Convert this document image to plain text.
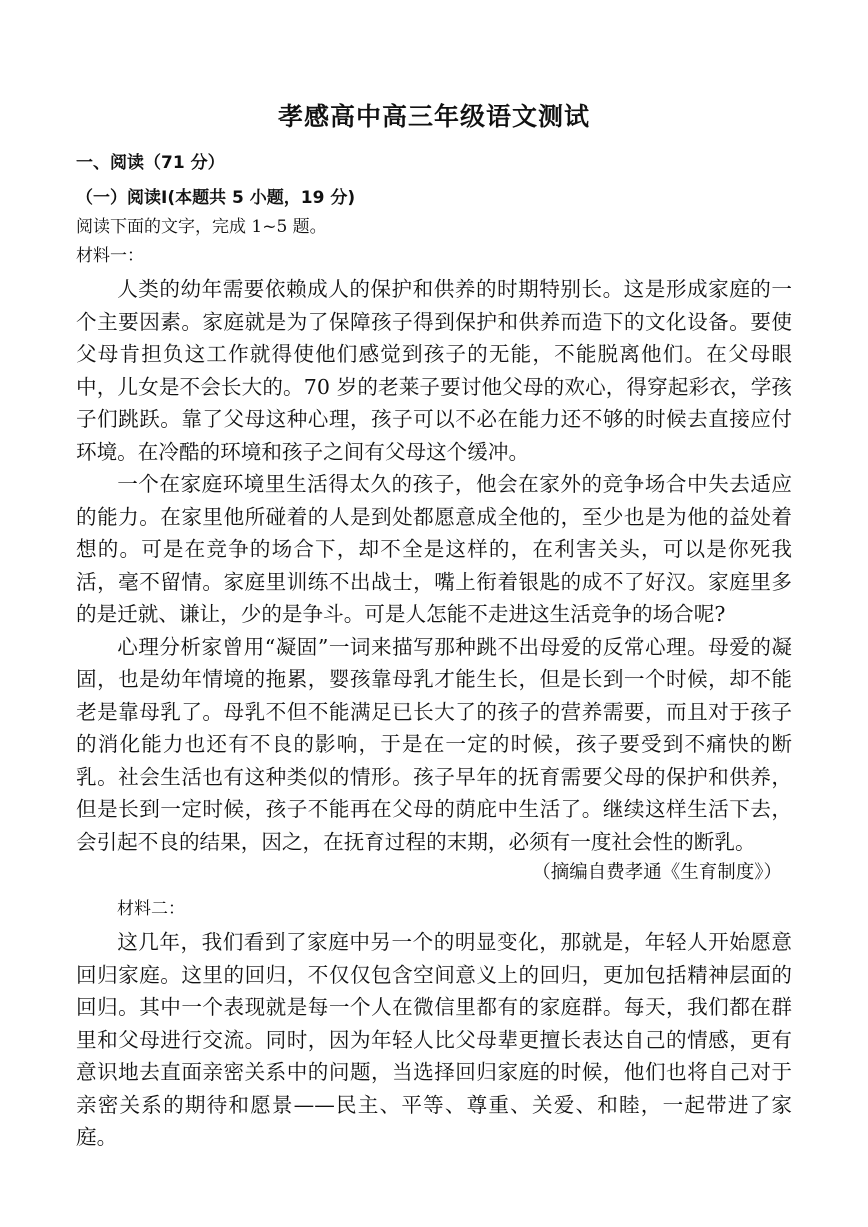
孝感高中高三年级语文测试
一、阅读（71 分）
（一）阅读Ⅰ(本题共 5 小题，19 分)
阅读下面的文字，完成 1~5 题。
材料一：

人类的幼年需要依赖成人的保护和供养的时期特别长。这是形成家庭的一个主要因素。家庭就是为了保障孩子得到保护和供养而造下的文化设备。要使父母肯担负这工作就得使他们感觉到孩子的无能，不能脱离他们。在父母眼中，儿女是不会长大的。70 岁的老莱子要讨他父母的欢心，得穿起彩衣，学孩子们跳跃。靠了父母这种心理，孩子可以不必在能力还不够的时候去直接应付环境。在冷酷的环境和孩子之间有父母这个缓冲。

一个在家庭环境里生活得太久的孩子，他会在家外的竞争场合中失去适应的能力。在家里他所碰着的人是到处都愿意成全他的，至少也是为他的益处着想的。可是在竞争的场合下，却不全是这样的，在利害关头，可以是你死我活，毫不留情。家庭里训练不出战士，嘴上衔着银匙的成不了好汉。家庭里多的是迁就、谦让，少的是争斗。可是人怎能不走进这生活竞争的场合呢?

心理分析家曾用“凝固”一词来描写那种跳不出母爱的反常心理。母爱的凝固，也是幼年情境的拖累，婴孩靠母乳才能生长，但是长到一个时候，却不能老是靠母乳了。母乳不但不能满足已长大了的孩子的营养需要，而且对于孩子的消化能力也还有不良的影响，于是在一定的时候，孩子要受到不痛快的断乳。社会生活也有这种类似的情形。孩子早年的抚育需要父母的保护和供养，但是长到一定时候，孩子不能再在父母的荫庇中生活了。继续这样生活下去，会引起不良的结果，因之，在抚育过程的末期，必须有一度社会性的断乳。

（摘编自费孝通《生育制度》）
材料二：

这几年，我们看到了家庭中另一个的明显变化，那就是，年轻人开始愿意回归家庭。这里的回归，不仅仅包含空间意义上的回归，更加包括精神层面的回归。其中一个表现就是每一个人在微信里都有的家庭群。每天，我们都在群里和父母进行交流。同时，因为年轻人比父母辈更擅长表达自己的情感，更有意识地去直面亲密关系中的问题，当选择回归家庭的时候，他们也将自己对于亲密关系的期待和愿景——民主、平等、尊重、关爱、和睦，一起带进了家庭。
